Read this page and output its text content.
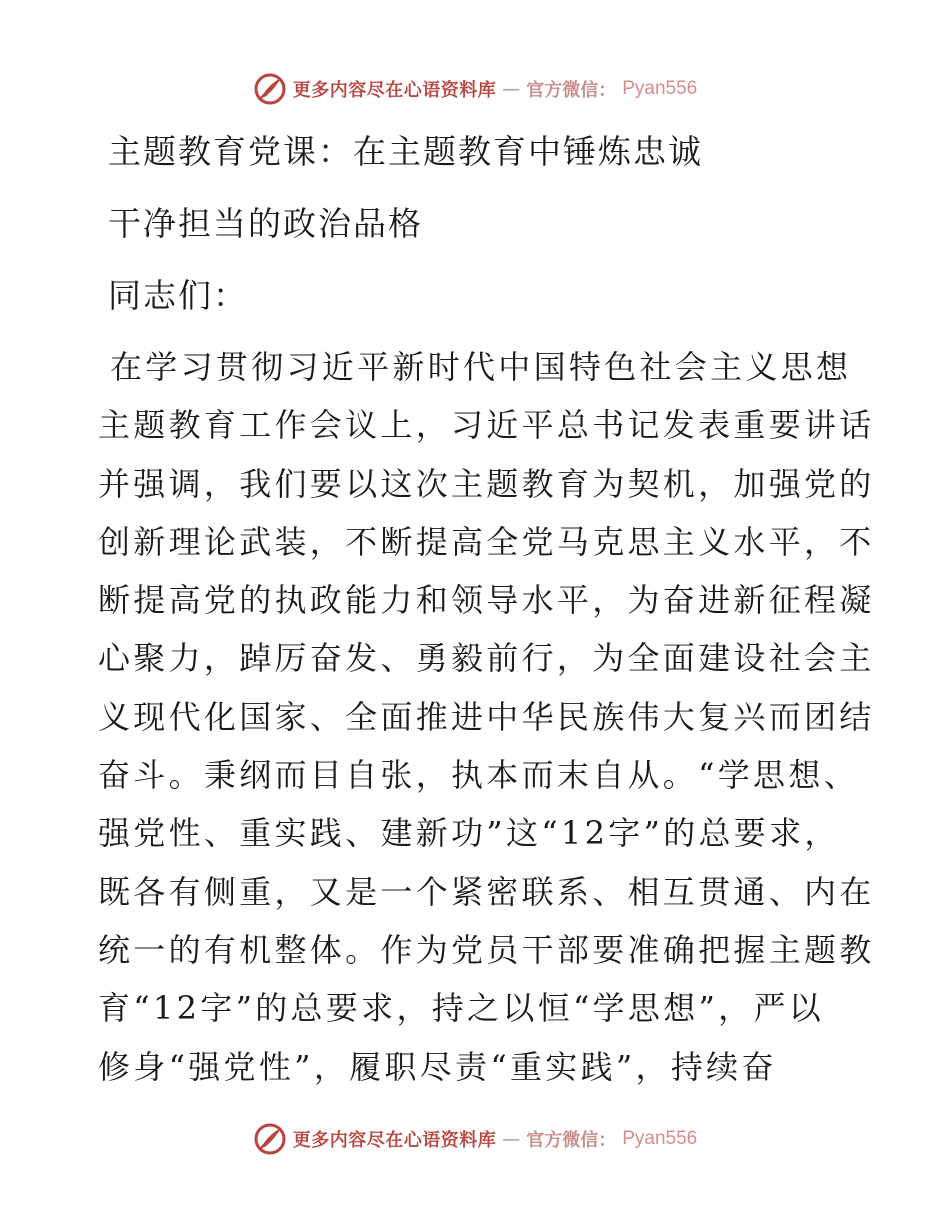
更多内容尽在心语资料库 — 官方微信： Pyan556
主题教育党课：在主题教育中锤炼忠诚
干净担当的政治品格
同志们：
在学习贯彻习近平新时代中国特色社会主义思想
主题教育工作会议上，习近平总书记发表重要讲话
并强调，我们要以这次主题教育为契机，加强党的
创新理论武装，不断提高全党马克思主义水平，不
断提高党的执政能力和领导水平，为奋进新征程凝
心聚力，踔厉奋发、勇毅前行，为全面建设社会主
义现代化国家、全面推进中华民族伟大复兴而团结
奋斗。秉纲而目自张，执本而末自从。“学思想、
强党性、重实践、建新功”这“12字”的总要求，
既各有侧重，又是一个紧密联系、相互贯通、内在
统一的有机整体。作为党员干部要准确把握主题教
育“12字”的总要求，持之以恒“学思想”，严以
修身“强党性”，履职尽责“重实践”，持续奋
更多内容尽在心语资料库 — 官方微信： Pyan556
